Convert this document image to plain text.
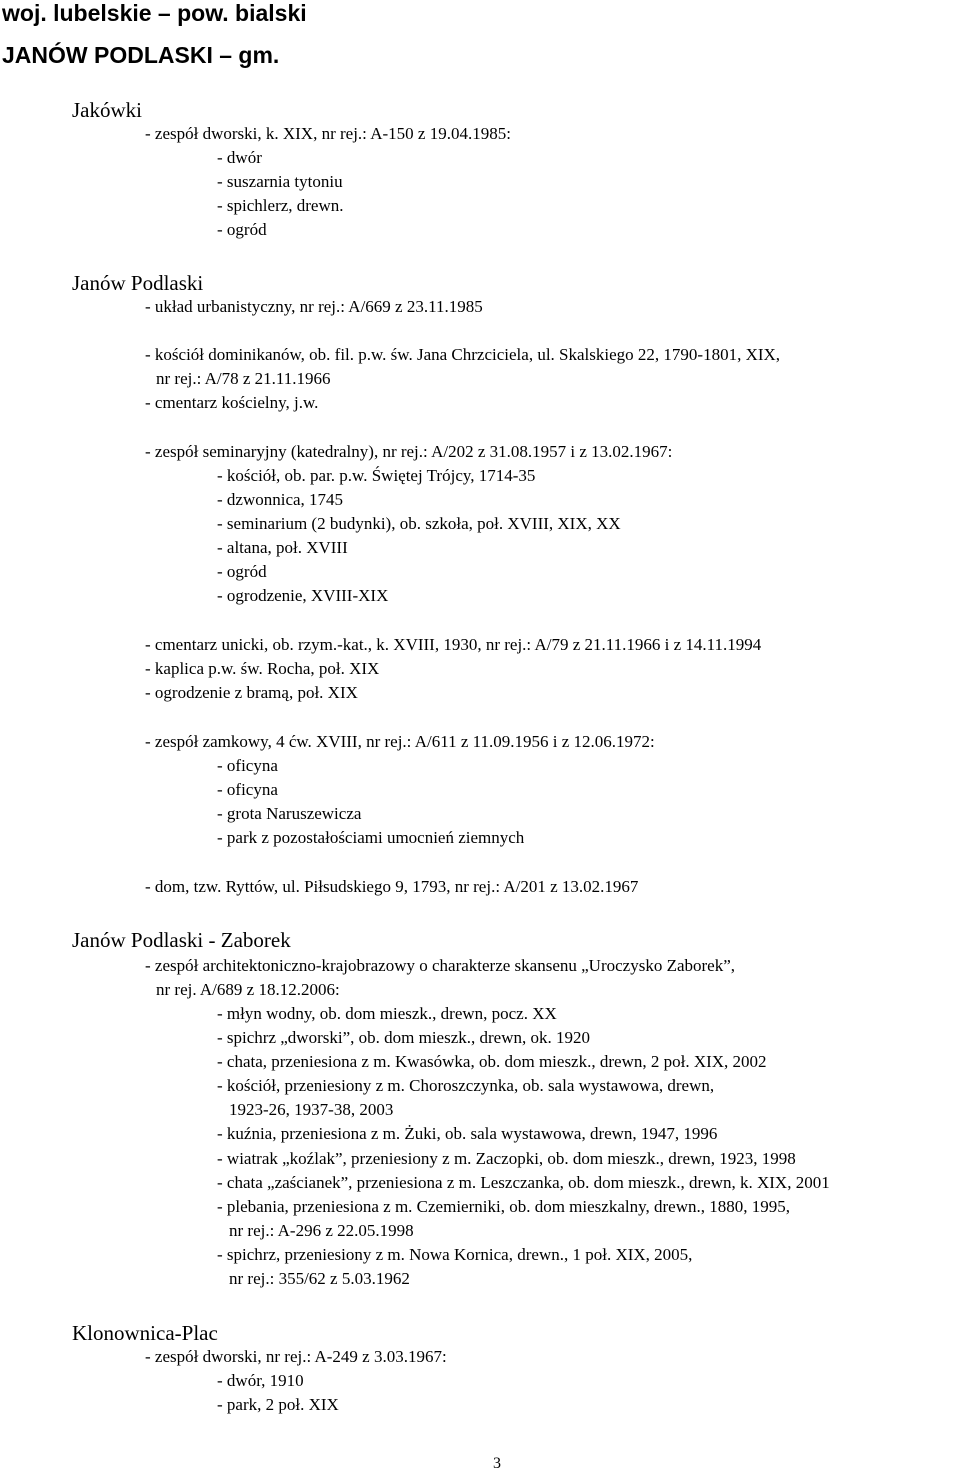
woj. lubelskie – pow. bialski
JANÓW PODLASKI – gm.
Jakówki
- zespół dworski, k. XIX, nr rej.: A-150 z 19.04.1985:
- dwór
- suszarnia tytoniu
- spichlerz, drewn.
- ogród
Janów Podlaski
- układ urbanistyczny, nr rej.: A/669 z 23.11.1985
- kościół dominikanów, ob. fil. p.w. św. Jana Chrzciciela, ul. Skalskiego 22, 1790-1801, XIX,
nr rej.: A/78 z 21.11.1966
- cmentarz kościelny, j.w.
- zespół seminaryjny (katedralny), nr rej.: A/202 z 31.08.1957 i z 13.02.1967:
- kościół, ob. par. p.w. Świętej Trójcy, 1714-35
- dzwonnica, 1745
- seminarium (2 budynki), ob. szkoła, poł. XVIII, XIX, XX
- altana, poł. XVIII
- ogród
- ogrodzenie, XVIII-XIX
- cmentarz unicki, ob. rzym.-kat., k. XVIII, 1930, nr rej.: A/79 z 21.11.1966 i z 14.11.1994
- kaplica p.w. św. Rocha, poł. XIX
- ogrodzenie z bramą, poł. XIX
- zespół zamkowy, 4 ćw. XVIII, nr rej.: A/611 z 11.09.1956 i z 12.06.1972:
- oficyna
- oficyna
- grota Naruszewicza
- park z pozostałościami umocnień ziemnych
- dom, tzw. Ryttów, ul. Piłsudskiego 9, 1793, nr rej.: A/201 z 13.02.1967
Janów Podlaski - Zaborek
- zespół architektoniczno-krajobrazowy o charakterze skansenu „Uroczysko Zaborek”,
nr rej. A/689 z 18.12.2006:
- młyn wodny, ob. dom mieszk., drewn, pocz. XX
- spichrz „dworski”, ob. dom mieszk., drewn, ok. 1920
- chata, przeniesiona z m. Kwasówka, ob. dom mieszk., drewn, 2 poł. XIX, 2002
- kościół, przeniesiony z m. Choroszczynka, ob. sala wystawowa, drewn,
1923-26, 1937-38, 2003
- kuźnia, przeniesiona z m. Żuki, ob. sala wystawowa, drewn, 1947, 1996
- wiatrak „koźlak”, przeniesiony z m. Zaczopki, ob. dom mieszk., drewn, 1923, 1998
- chata „zaścianek”, przeniesiona z m. Leszczanka, ob. dom mieszk., drewn, k. XIX, 2001
- plebania, przeniesiona z m. Czemierniki, ob. dom mieszkalny, drewn., 1880, 1995,
nr rej.: A-296 z 22.05.1998
- spichrz, przeniesiony z m. Nowa Kornica, drewn., 1 poł. XIX, 2005,
nr rej.: 355/62 z 5.03.1962
Klonownica-Plac
- zespół dworski, nr rej.: A-249 z 3.03.1967:
- dwór, 1910
- park, 2 poł. XIX
3
